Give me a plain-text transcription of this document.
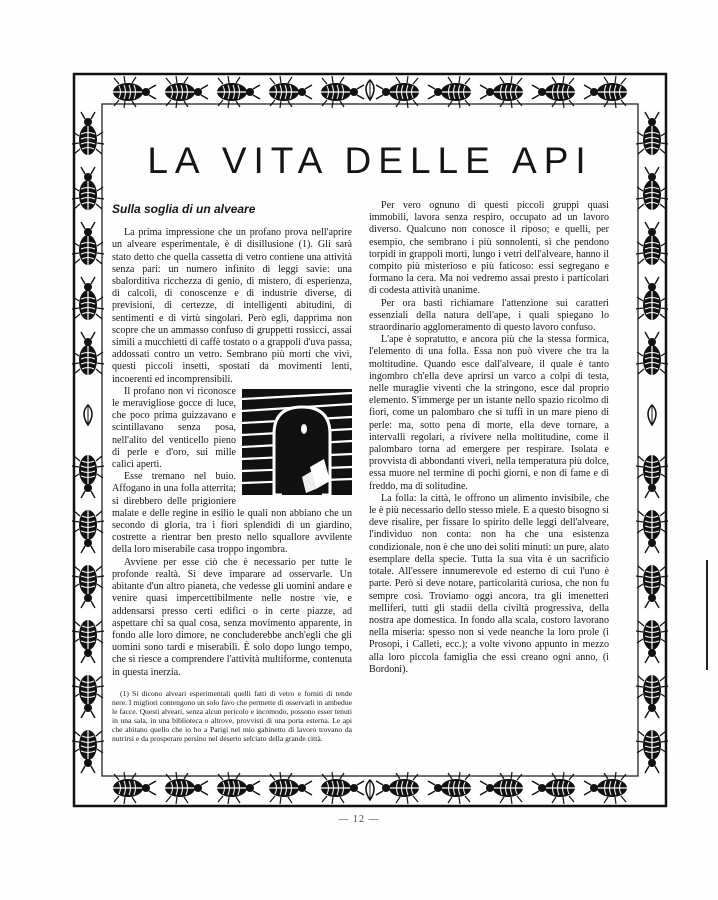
LA VITA DELLE API
Sulla soglia di un alveare

La prima impressione che un profano prova nell'aprire un alveare esperimentale, è di disillusione (1). Gli sarà stato detto che quella cassetta di vetro contiene una attività senza pari: un numero infinito di leggi savie: una sbalorditiva ricchezza di genio, di mistero, di esperienza, di calcoli, di conoscenze e di industrie diverse, di previsioni, di certezze, di intelligenti abitudini, di sentimenti e di virtù singolari. Però egli, dapprima non scopre che un ammasso confuso di gruppetti rossicci, assai simili a mucchietti di caffè tostato o a grappoli d'uva passa, addossati contro un vetro. Sembrano più morti che vivi, questi piccoli insetti, spostati da movimenti lenti, incoerenti ed incomprensibili.

Il profano non vi riconosce le meravigliose gocce di luce, che poco prima guizzavano e scintillavano senza posa, nell'alito del venticello pieno di perle e d'oro, sui mille calici aperti.

Esse tremano nel buio. Affogano in una folla atterrita; si direbbero delle prigioniere malate e delle regine in esilio le quali non abbiano che un secondo di gloria, tra i fiori splendidi di un giardino, costrette a rientrar ben presto nello squallore avvilente della loro miserabile casa troppo ingombra.

Avviene per esse ciò che è necessario per tutte le profonde realtà. Si deve imparare ad osservarle. Un abitante d'un altro pianeta, che vedesse gli uomini andare e venire quasi impercettibilmente nelle nostre vie, e addensarsi presso certi edifici o in certe piazze, ad aspettare chi sa qual cosa, senza movimento apparente, in fondo alle loro dimore, ne concluderebbe anch'egli che gli uomini sono tardi e miserabili. È solo dopo lungo tempo, che si riesce a comprendere l'attività multiforme, contenuta in questa inerzia.

(1) Si dicono alveari esperimentali quelli fatti di vetro e forniti di tende nere. I migliori contengono un solo favo che permette di osservarli in ambedue le facce. Questi alveari, senza alcun pericolo e incomodo, possono esser tenuti in una sala, in una biblioteca o altrove, provvisti di una porta esterna. Le api che abitano quello che io ho a Parigi nel mio gabinetto di lavoro trovano da nutrirsi e da prosperare persino nel deserto selciato della grande città.

Per vero ognuno di questi piccoli gruppi quasi immobili, lavora senza respiro, occupato ad un lavoro diverso. Qualcuno non conosce il riposo; e quelli, per esempio, che sembrano i più sonnolenti, sì che pendono torpidi in grappoli morti, lungo i vetri dell'alveare, hanno il compito più misterioso e più faticoso: essi segregano e formano la cera. Ma noi vedremo assai presto i particolari di codesta attività unanime.

Per ora basti richiamare l'attenzione sui caratteri essenziali della natura dell'ape, i quali spiegano lo straordinario agglomeramento di questo lavoro confuso.

L'ape è sopratutto, e ancora più che la stessa formica, l'elemento di una folla. Essa non può vivere che tra la moltitudine. Quando esce dall'alveare, il quale è tanto ingombro ch'ella deve aprirsi un varco a colpi di testa, nelle muraglie viventi che la stringono, esce dal proprio elemento. S'immerge per un istante nello spazio ricolmo di fiori, come un palombaro che si tuffi in un mare pieno di perle: ma, sotto pena di morte, ella deve tornare, a intervalli regolari, a rivivere nella moltitudine, come il palombaro torna ad emergere per respirare. Isolata e provvista di abbondanti viveri, nella temperatura più dolce, essa muore nel termine di pochi giorni, e non di fame e di freddo, ma di solitudine.

La folla: la città, le offrono un alimento invisibile, che le è più necessario dello stesso miele. E a questo bisogno si deve risalire, per fissare lo spirito delle leggi dell'alveare, l'individuo non conta: non ha che una esistenza condizionale, non è che uno dei soliti minuti: un pure, alato esemplare della specie. Tutta la sua vita è un sacrificio totale. All'essere innumerevole ed esterno di cui l'uno è parte. Però si deve notare, particolarità curiosa, che non fu sempre così. Troviamo oggi ancora, tra gli imenetteri melliferi, tutti gli stadii della civiltà progressiva, della nostra ape domestica. In fondo alla scala, costoro lavorano nella miseria: spesso non si vede neanche la loro prole (i Prosopi, i Calleti, ecc.); a volte vivono appunto in mezzo alla loro piccola famiglia che essi creano ogni anno, (i Bordoni).

— 12 —
